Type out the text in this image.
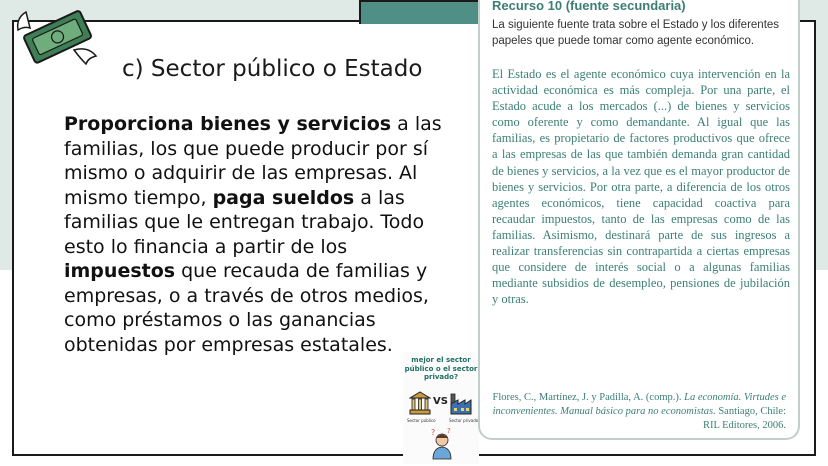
c) Sector público o Estado
Proporciona bienes y servicios a las familias, los que puede producir por sí mismo o adquirir de las empresas. Al mismo tiempo, paga sueldos a las familias que le entregan trabajo. Todo esto lo financia a partir de los impuestos que recauda de familias y empresas, o a través de otros medios, como préstamos o las ganancias obtenidas por empresas estatales.
mejor el sector público o el sector privado?
VS
Sector público	Sector privado
? ?
Recurso 10 (fuente secundaria)
La siguiente fuente trata sobre el Estado y los diferentes papeles que puede tomar como agente económico.
El Estado es el agente económico cuya intervención en la actividad económica es más compleja. Por una parte, el Estado acude a los mercados (...) de bienes y servicios como oferente y como demandante. Al igual que las familias, es propietario de factores productivos que ofrece a las empresas de las que también demanda gran cantidad de bienes y servicios, a la vez que es el mayor productor de bienes y servicios. Por otra parte, a diferencia de los otros agentes económicos, tiene capacidad coactiva para recaudar impuestos, tanto de las empresas como de las familias. Asimismo, destinará parte de sus ingresos a realizar transferencias sin contrapartida a ciertas empresas que considere de interés social o a algunas familias mediante subsidios de desempleo, pensiones de jubilación y otras.
Flores, C., Martínez, J. y Padilla, A. (comp.). La economía. Virtudes e inconvenientes. Manual básico para no economistas. Santiago, Chile: RIL Editores, 2006.
